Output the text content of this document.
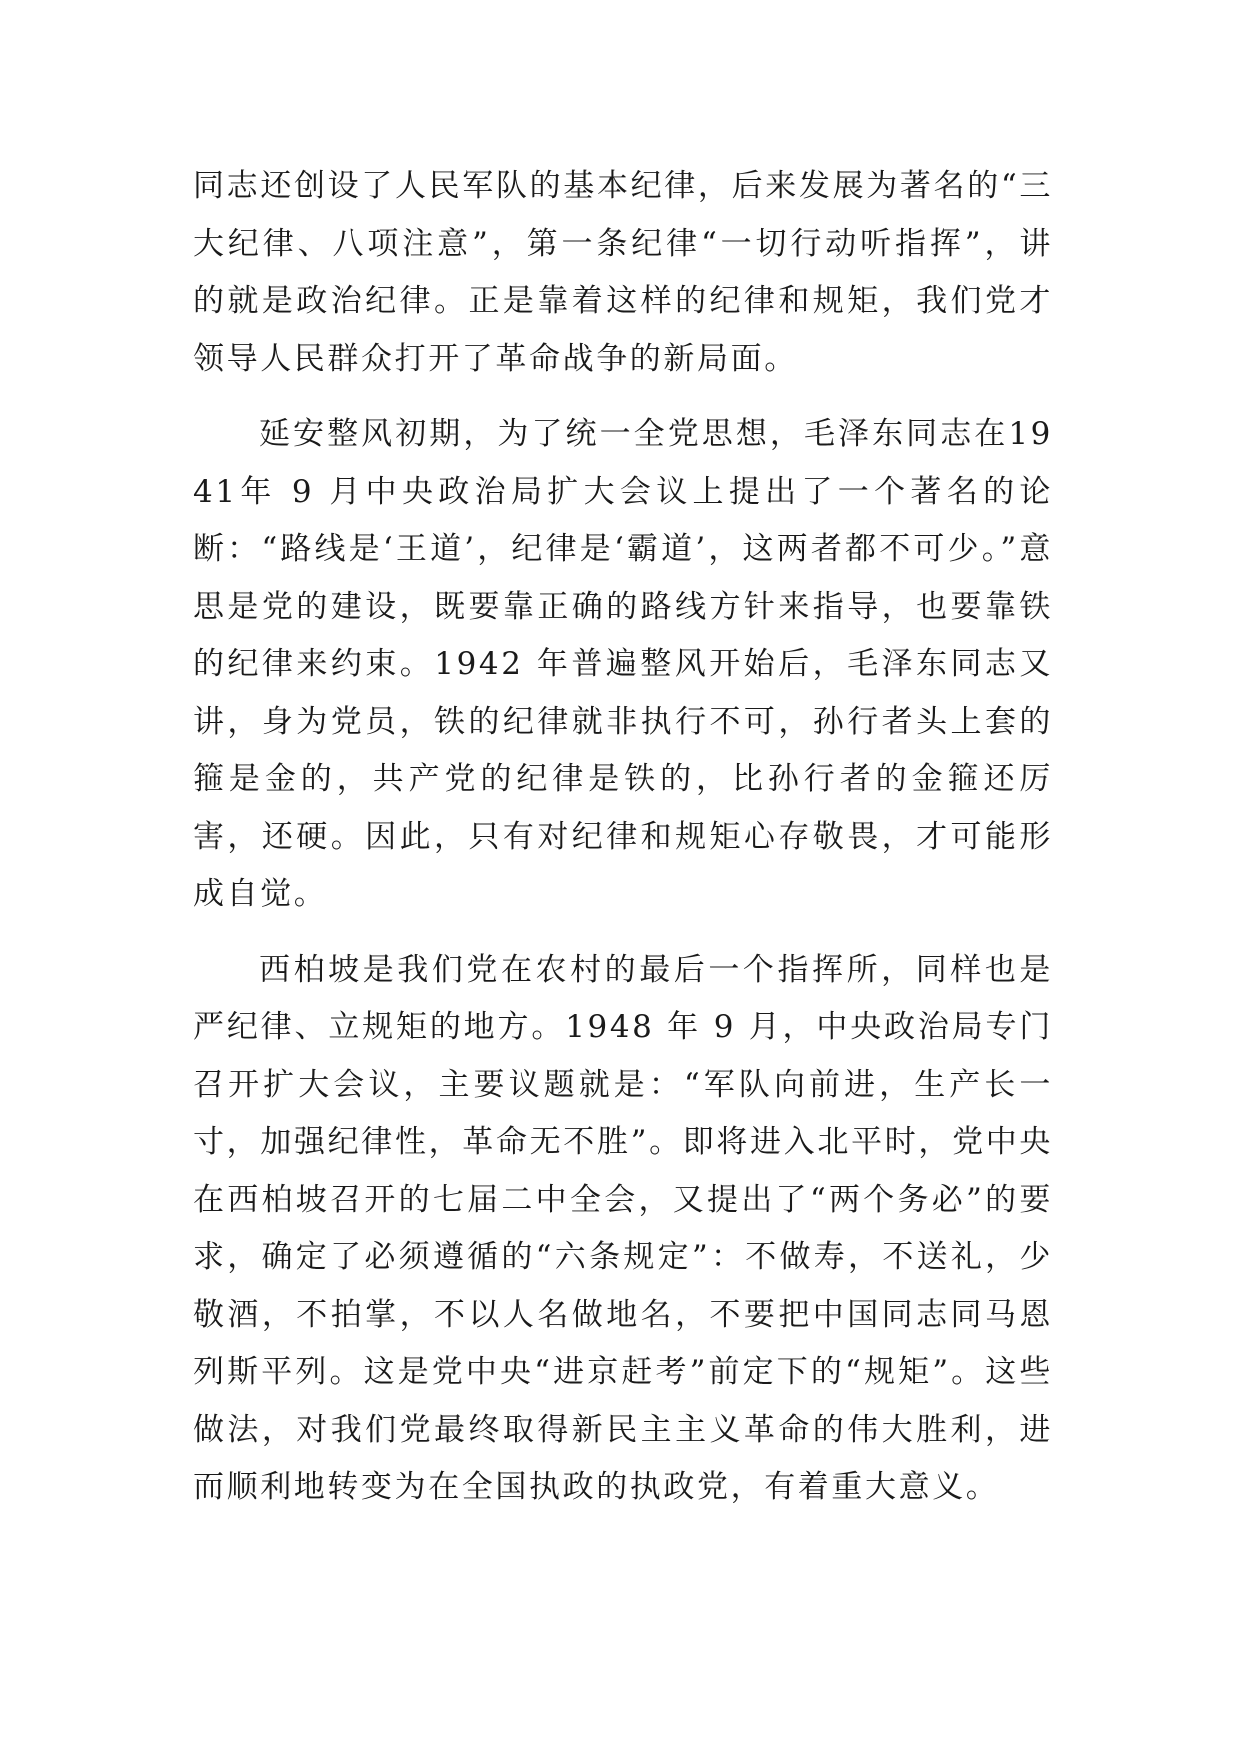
同志还创设了人民军队的基本纪律，后来发展为著名的“三大纪律、八项注意”，第一条纪律“一切行动听指挥”，讲的就是政治纪律。正是靠着这样的纪律和规矩，我们党才领导人民群众打开了革命战争的新局面。

延安整风初期，为了统一全党思想，毛泽东同志在1941年 9 月中央政治局扩大会议上提出了一个著名的论断：“路线是‘王道’，纪律是‘霸道’，这两者都不可少。”意思是党的建设，既要靠正确的路线方针来指导，也要靠铁的纪律来约束。1942 年普遍整风开始后，毛泽东同志又讲，身为党员，铁的纪律就非执行不可，孙行者头上套的箍是金的，共产党的纪律是铁的，比孙行者的金箍还厉害，还硬。因此，只有对纪律和规矩心存敬畏，才可能形成自觉。

西柏坡是我们党在农村的最后一个指挥所，同样也是严纪律、立规矩的地方。1948 年 9 月，中央政治局专门召开扩大会议，主要议题就是：“军队向前进，生产长一寸，加强纪律性，革命无不胜”。即将进入北平时，党中央在西柏坡召开的七届二中全会，又提出了“两个务必”的要求，确定了必须遵循的“六条规定”：不做寿，不送礼，少敬酒，不拍掌，不以人名做地名，不要把中国同志同马恩列斯平列。这是党中央“进京赶考”前定下的“规矩”。这些做法，对我们党最终取得新民主主义革命的伟大胜利，进而顺利地转变为在全国执政的执政党，有着重大意义。
